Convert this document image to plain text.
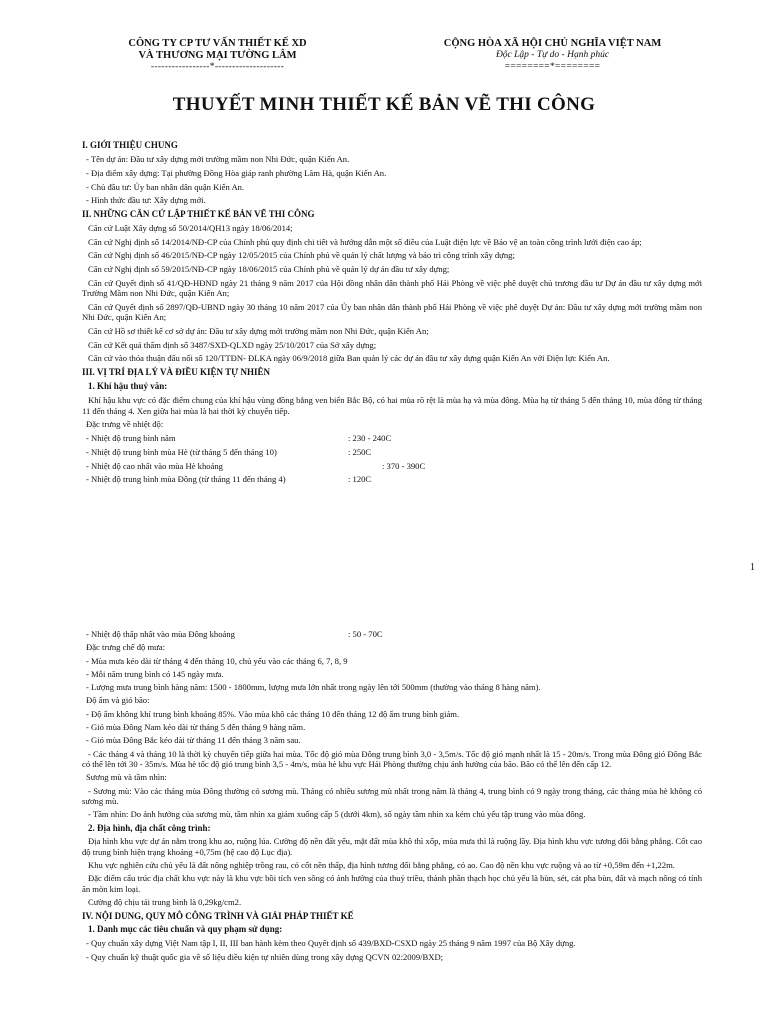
CÔNG TY CP TƯ VẤN THIẾT KẾ XD
VÀ THƯƠNG MẠI TƯỜNG LÂM
-----------------*--------------------
CỘNG HÒA XÃ HỘI CHỦ NGHĨA VIỆT NAM
Độc Lập - Tự do - Hạnh phúc
========*========
THUYẾT MINH THIẾT KẾ BẢN VẼ THI CÔNG
I. GIỚI THIỆU CHUNG
- Tên dự án: Đầu tư xây dựng mới trường mầm non Nhi Đức, quận Kiến An.
- Địa điểm xây dựng: Tại phường Đồng Hòa giáp ranh phường Lãm Hà, quận Kiến An.
- Chủ đầu tư: Ủy ban nhân dân quận Kiến An.
- Hình thức đầu tư: Xây dựng mới.
II. NHỮNG CĂN CỨ LẬP THIẾT KẾ BẢN VẼ THI CÔNG
Căn cứ Luật Xây dựng số 50/2014/QH13 ngày 18/06/2014;
Căn cứ Nghị định số 14/2014/NĐ-CP của Chính phủ quy định chi tiết và hướng dẫn một số điều của Luật điện lực về Bảo vệ an toàn công trình lưới điện cao áp;
Căn cứ Nghị định số 46/2015/NĐ-CP ngày 12/05/2015 của Chính phủ về quản lý chất lượng và bảo trì công trình xây dựng;
Căn cứ Nghị định số 59/2015/NĐ-CP ngày 18/06/2015 của Chính phủ về quản lý dự án đầu tư xây dựng;
Căn cứ Quyết định số 41/QĐ-HĐND ngày 21 tháng 9 năm 2017 của Hội đồng nhân dân thành phố Hải Phòng về việc phê duyệt chủ trương đầu tư Dự án đầu tư xây dựng mới Trường Mầm non Nhi Đức, quận Kiến An;
Căn cứ Quyết định số 2897/QĐ-UBND ngày 30 tháng 10 năm 2017 của Ủy ban nhân dân thành phố Hải Phòng về việc phê duyệt Dự án: Đầu tư xây dựng mới trường mầm non Nhi Đức, quận Kiến An;
Căn cứ Hồ sơ thiết kế cơ sở dự án: Đầu tư xây dựng mới trường mầm non Nhi Đức, quận Kiến An;
Căn cứ Kết quả thẩm định số 3487/SXD-QLXD ngày 25/10/2017 của Sở xây dựng;
Căn cứ vào thỏa thuận đấu nối số 120/TTĐN- ĐLKA ngày 06/9/2018 giữa Ban quản lý các dự án đầu tư xây dựng quận Kiến An với Điện lực Kiến An.
III. VỊ TRÍ ĐỊA LÝ VÀ ĐIỀU KIỆN TỰ NHIÊN
1. Khí hậu thuỷ văn:
Khí hậu khu vực có đặc điểm chung của khí hậu vùng đồng bằng ven biển Bắc Bộ, có hai mùa rõ rệt là mùa hạ và mùa đông. Mùa hạ từ tháng 5 đến tháng 10, mùa đông từ tháng 11 đến tháng 4. Xen giữa hai mùa là hai thời kỳ chuyển tiếp.
Đặc trưng về nhiệt độ:
- Nhiệt độ trung bình năm	: 230 - 240C
- Nhiệt độ trung bình mùa Hè (từ tháng 5 đến tháng 10)	: 250C
- Nhiệt độ cao nhất vào mùa Hè khoảng	: 370 - 390C
- Nhiệt độ trung bình mùa Đông (từ tháng 11 đến tháng 4)	: 120C
1
- Nhiệt độ thấp nhất vào mùa Đông khoảng	: 50 - 70C
Đặc trưng chế độ mưa:
- Mùa mưa kéo dài từ tháng 4 đến tháng 10, chủ yếu vào các tháng 6, 7, 8, 9
- Mỗi năm trung bình có 145 ngày mưa.
- Lượng mưa trung bình hàng năm: 1500 - 1800mm, lượng mưa lớn nhất trong ngày lên tới 500mm (thường vào tháng 8 hàng năm).
Độ ẩm và gió bão:
- Độ ẩm không khí trung bình khoảng 85%. Vào mùa khô các tháng 10 đến tháng 12 độ ẩm trung bình giảm.
- Gió mùa Đông Nam kéo dài từ tháng 5 đến tháng 9 hàng năm.
- Gió mùa Đông Bắc kéo dài từ tháng 11 đến tháng 3 năm sau.
- Các tháng 4 và tháng 10 là thời kỳ chuyển tiếp giữa hai mùa. Tốc độ gió mùa Đông trung bình 3,0 - 3,5m/s. Tốc độ gió mạnh nhất là 15 - 20m/s. Trong mùa Đông gió Đông Bắc có thể lên tới 30 - 35m/s. Mùa hè tốc độ gió trung bình 3,5 - 4m/s, mùa hè khu vực Hải Phòng thường chịu ảnh hưởng của bão. Bão có thể lên đến cấp 12.
Sương mù và tầm nhìn:
- Sương mù: Vào các tháng mùa Đông thường có sương mù. Tháng có nhiều sương mù nhất trong năm là tháng 4, trung bình có 9 ngày trong tháng, các tháng mùa hè không có sương mù.
- Tầm nhìn: Do ảnh hưởng của sương mù, tầm nhìn xa giảm xuống cấp 5 (dưới 4km), số ngày tầm nhìn xa kém chủ yếu tập trung vào mùa đông.
2. Địa hình, địa chất công trình:
Địa hình khu vực dự án nằm trong khu ao, ruộng lúa. Cường độ nền đất yếu, mặt đất mùa khô thì xốp, mùa mưa thì là ruộng lầy. Địa hình khu vực tương đối bằng phẳng. Cốt cao độ trung bình hiện trạng khoảng +0,75m (hệ cao độ Lục địa).
Khu vực nghiên cứu chủ yếu là đất nông nghiệp trồng rau, có cốt nền thấp, địa hình tương đối bằng phẳng, có ao. Cao độ nền khu vực ruộng và ao từ +0,59m đến +1,22m.
Đặc điểm cấu trúc địa chất khu vực này là khu vực bồi tích ven sông có ảnh hưởng của thuỷ triều, thành phần thạch học chủ yếu là bùn, sét, cát pha bùn, đất và mạch nông có tính ăn mòn kim loại.
Cường độ chịu tải trung bình là 0,29kg/cm2.
IV. NỘI DUNG, QUY MÔ CÔNG TRÌNH VÀ GIẢI PHÁP THIẾT KẾ
1. Danh mục các tiêu chuẩn và quy phạm sử dụng:
- Quy chuẩn xây dựng Việt Nam tập I, II, III ban hành kèm theo Quyết định số 439/BXD-CSXD ngày 25 tháng 9 năm 1997 của Bộ Xây dựng.
- Quy chuẩn kỹ thuật quốc gia về số liệu điều kiện tự nhiên dùng trong xây dựng QCVN 02:2009/BXD;
